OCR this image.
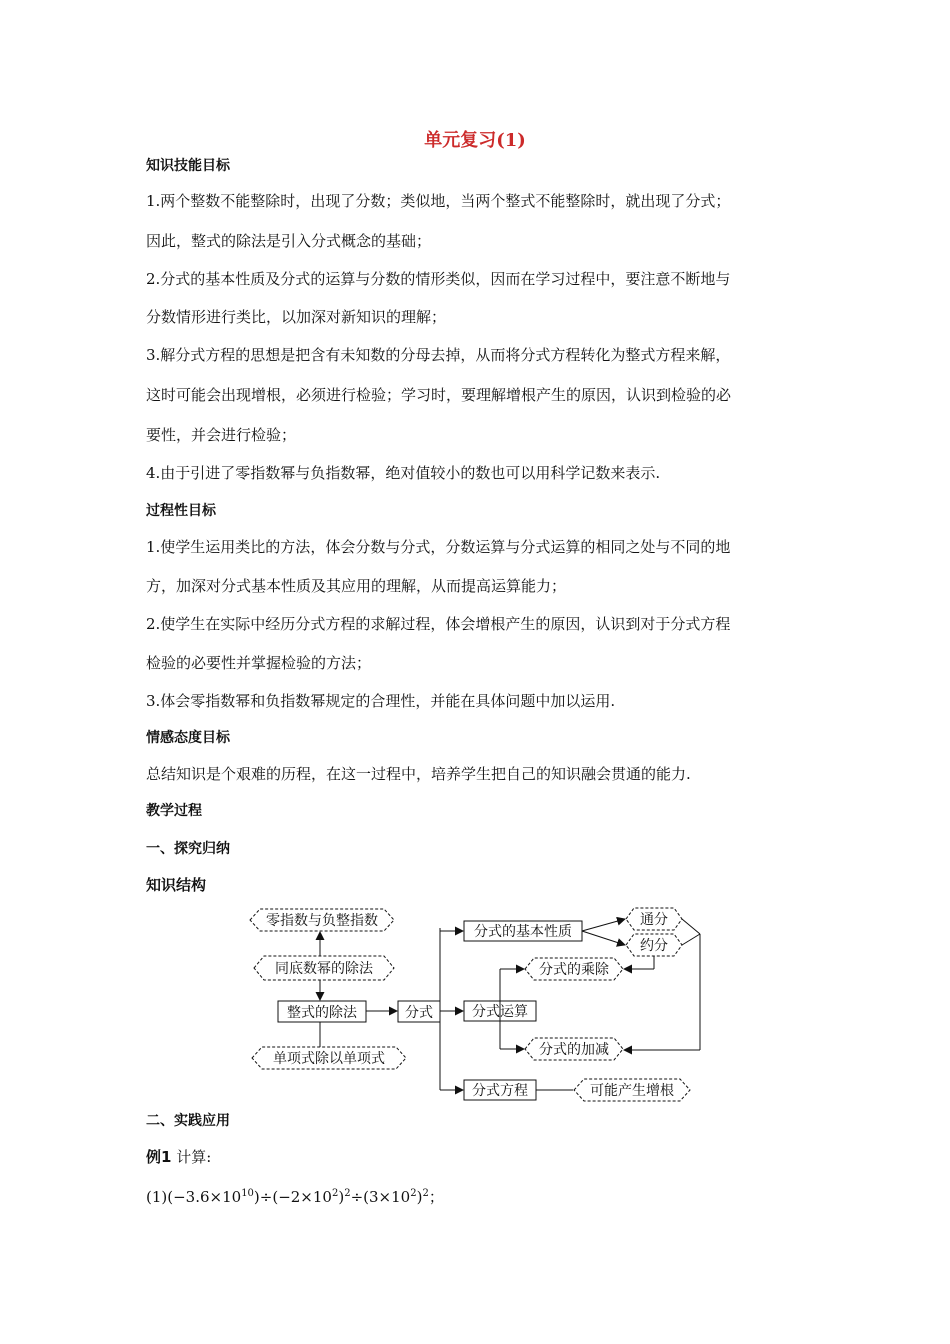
单元复习(1)
知识技能目标
1.两个整数不能整除时，出现了分数；类似地，当两个整式不能整除时，就出现了分式；
因此，整式的除法是引入分式概念的基础；
2.分式的基本性质及分式的运算与分数的情形类似，因而在学习过程中，要注意不断地与
分数情形进行类比，以加深对新知识的理解；
3.解分式方程的思想是把含有未知数的分母去掉，从而将分式方程转化为整式方程来解，
这时可能会出现增根，必须进行检验；学习时，要理解增根产生的原因，认识到检验的必
要性，并会进行检验；
4.由于引进了零指数幂与负指数幂，绝对值较小的数也可以用科学记数来表示.
过程性目标
1.使学生运用类比的方法，体会分数与分式，分数运算与分式运算的相同之处与不同的地
方，加深对分式基本性质及其应用的理解，从而提高运算能力；
2.使学生在实际中经历分式方程的求解过程，体会增根产生的原因，认识到对于分式方程
检验的必要性并掌握检验的方法；
3.体会零指数幂和负指数幂规定的合理性，并能在具体问题中加以运用.
情感态度目标
总结知识是个艰难的历程，在这一过程中，培养学生把自己的知识融会贯通的能力.
教学过程
一、探究归纳
知识结构
零指数与负整指数
同底数幂的除法
整式的除法
单项式除以单项式
分式
分式的基本性质
通分
约分
分式的乘除
分式运算
分式的加减
分式方程	可能产生增根
二、实践应用
例1 计算:
$(1)(-3.6\times 10^{10})\div(-2\times 10^2)^2\div(3\times 10^2)^2$；
